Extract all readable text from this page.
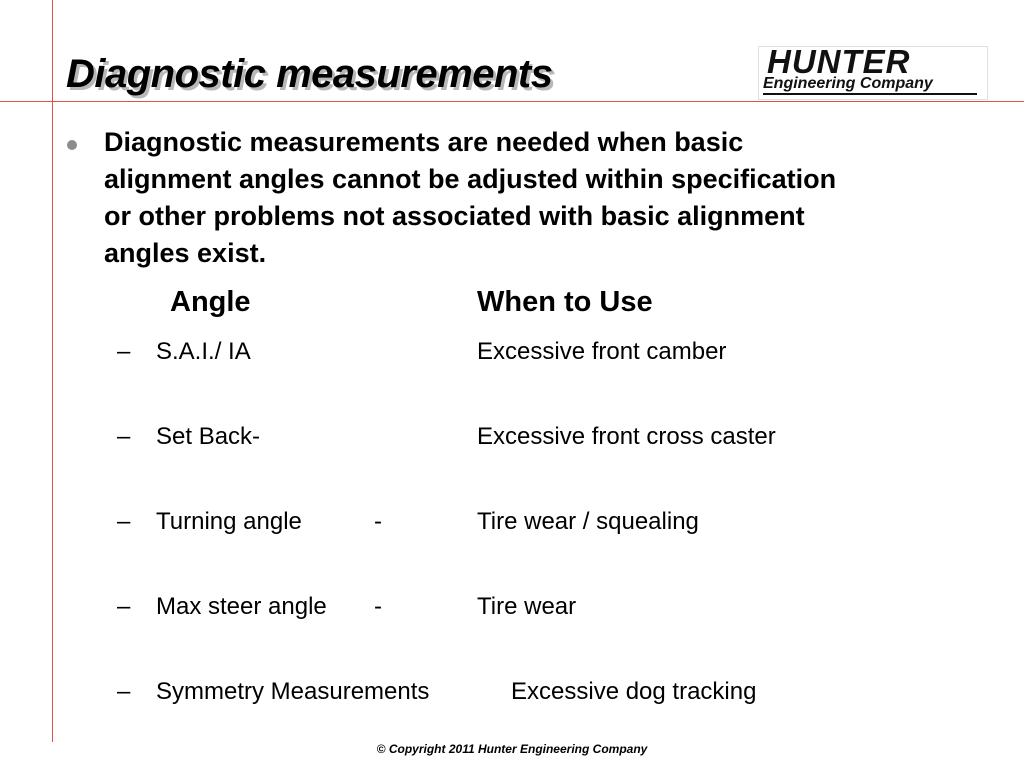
Diagnostic measurements	HUNTER
Engineering Company
Diagnostic measurements are needed when basic alignment angles cannot be adjusted within specification or other problems not associated with basic alignment angles exist.
Angle	When to Use
– S.A.I./ IA	Excessive front camber
– Set Back-	Excessive front cross caster
– Turning angle	-	Tire wear / squealing
– Max steer angle -	Tire wear
– Symmetry Measurements	Excessive dog tracking
© Copyright 2011 Hunter Engineering Company
